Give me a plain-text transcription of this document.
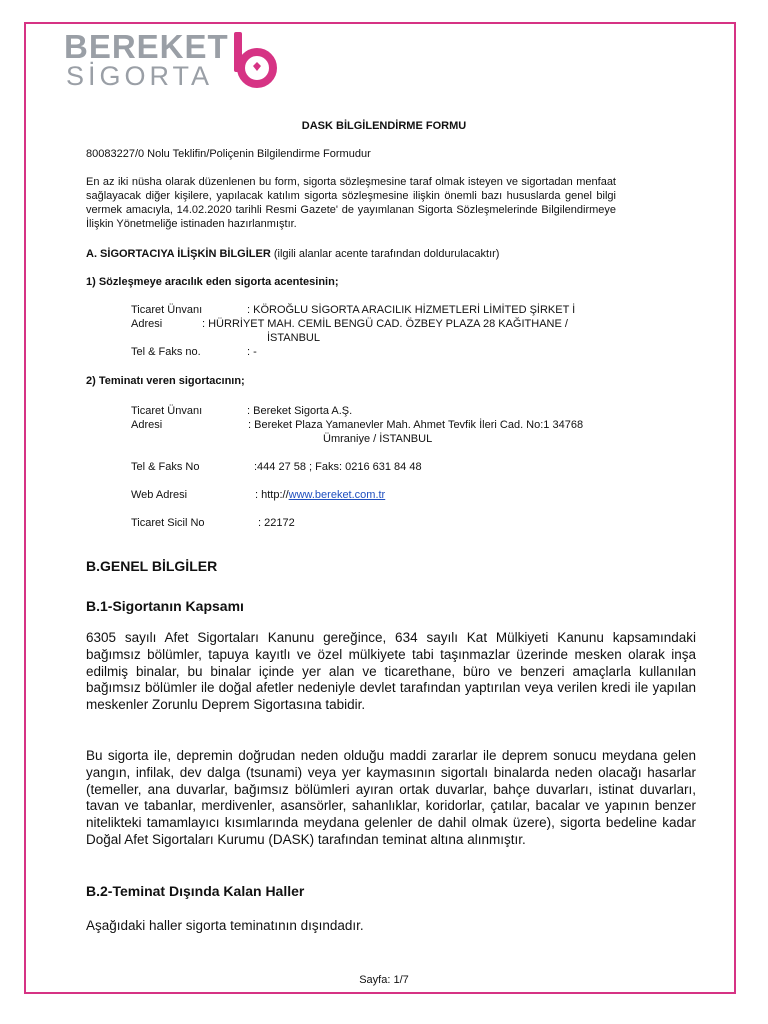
BEREKET
SİGORTA
DASK BİLGİLENDİRME FORMU
80083227/0 Nolu Teklifin/Poliçenin Bilgilendirme Formudur
En az iki nüsha olarak düzenlenen bu form, sigorta sözleşmesine taraf olmak isteyen ve sigortadan menfaat sağlayacak diğer kişilere, yapılacak katılım sigorta sözleşmesine ilişkin önemli bazı hususlarda genel bilgi vermek amacıyla, 14.02.2020 tarihli Resmi Gazete' de yayımlanan Sigorta Sözleşmelerinde Bilgilendirmeye İlişkin Yönetmeliğe istinaden hazırlanmıştır.
A. SİGORTACIYA İLİŞKİN BİLGİLER (ilgili alanlar acente tarafından doldurulacaktır)
1) Sözleşmeye aracılık eden sigorta acentesinin;
Ticaret Ünvanı	: KÖROĞLU SİGORTA ARACILIK HİZMETLERİ LİMİTED ŞİRKET İ
Adresi	: HÜRRİYET MAH. CEMİL BENGÜ CAD. ÖZBEY PLAZA 28 KAĞITHANE /
İSTANBUL
Tel & Faks no.	: -
2) Teminatı veren sigortacının;
Ticaret Ünvanı	: Bereket Sigorta A.Ş.
Adresi	: Bereket Plaza Yamanevler Mah. Ahmet Tevfik İleri Cad. No:1 34768
Ümraniye / İSTANBUL
Tel & Faks No	:444 27 58 ; Faks: 0216 631 84 48
Web Adresi	: http://www.bereket.com.tr
Ticaret Sicil No	: 22172
B.GENEL BİLGİLER
B.1-Sigortanın Kapsamı
6305 sayılı Afet Sigortaları Kanunu gereğince, 634 sayılı Kat Mülkiyeti Kanunu kapsamındaki bağımsız bölümler, tapuya kayıtlı ve özel mülkiyete tabi taşınmazlar üzerinde mesken olarak inşa edilmiş binalar, bu binalar içinde yer alan ve ticarethane, büro ve benzeri amaçlarla kullanılan bağımsız bölümler ile doğal afetler nedeniyle devlet tarafından yaptırılan veya verilen kredi ile yapılan meskenler Zorunlu Deprem Sigortasına tabidir.
Bu sigorta ile, depremin doğrudan neden olduğu maddi zararlar ile deprem sonucu meydana gelen yangın, infilak, dev dalga (tsunami) veya yer kaymasının sigortalı binalarda neden olacağı hasarlar (temeller, ana duvarlar, bağımsız bölümleri ayıran ortak duvarlar, bahçe duvarları, istinat duvarları, tavan ve tabanlar, merdivenler, asansörler, sahanlıklar, koridorlar, çatılar, bacalar ve yapının benzer nitelikteki tamamlayıcı kısımlarında meydana gelenler de dahil olmak üzere), sigorta bedeline kadar Doğal Afet Sigortaları Kurumu (DASK) tarafından teminat altına alınmıştır.
B.2-Teminat Dışında Kalan Haller
Aşağıdaki haller sigorta teminatının dışındadır.
Sayfa: 1/7
